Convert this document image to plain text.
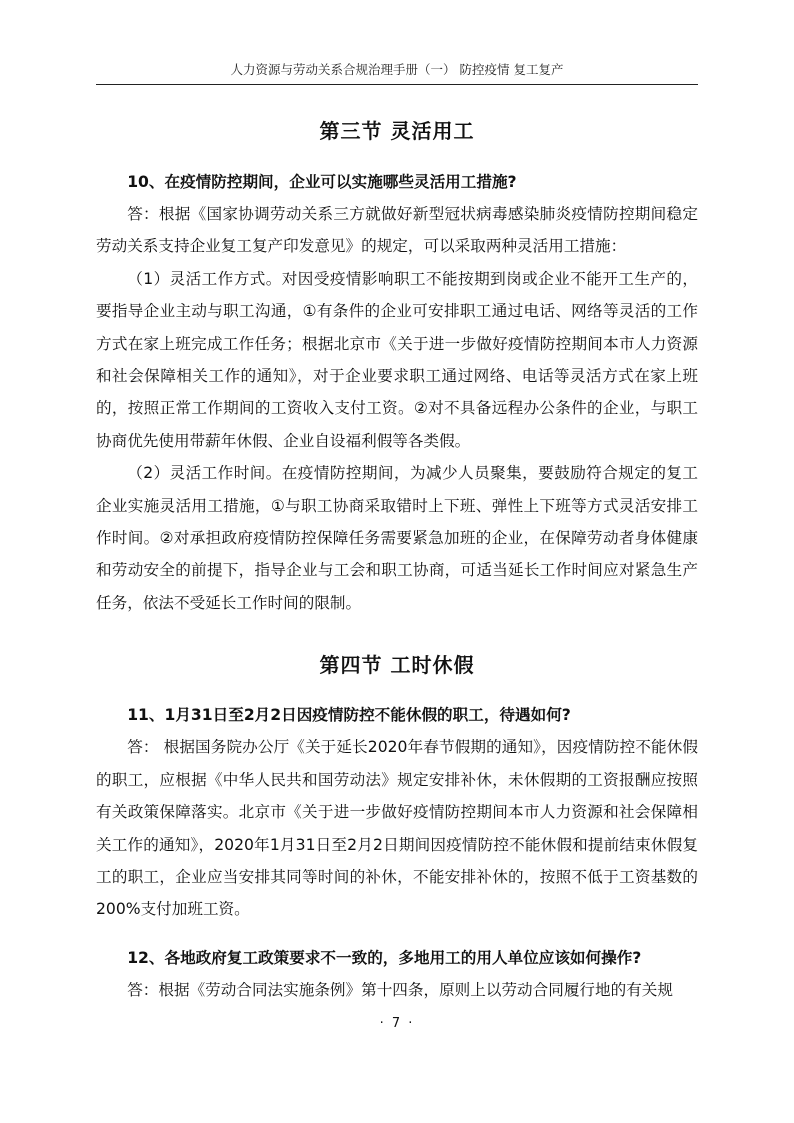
人力资源与劳动关系合规治理手册（一） 防控疫情 复工复产
第三节 灵活用工

10、在疫情防控期间，企业可以实施哪些灵活用工措施?

答：根据《国家协调劳动关系三方就做好新型冠状病毒感染肺炎疫情防控期间稳定劳动关系支持企业复工复产印发意见》的规定，可以采取两种灵活用工措施：

（1）灵活工作方式。对因受疫情影响职工不能按期到岗或企业不能开工生产的，要指导企业主动与职工沟通，①有条件的企业可安排职工通过电话、网络等灵活的工作方式在家上班完成工作任务；根据北京市《关于进一步做好疫情防控期间本市人力资源和社会保障相关工作的通知》，对于企业要求职工通过网络、电话等灵活方式在家上班的，按照正常工作期间的工资收入支付工资。②对不具备远程办公条件的企业，与职工协商优先使用带薪年休假、企业自设福利假等各类假。

（2）灵活工作时间。在疫情防控期间，为减少人员聚集，要鼓励符合规定的复工企业实施灵活用工措施，①与职工协商采取错时上下班、弹性上下班等方式灵活安排工作时间。②对承担政府疫情防控保障任务需要紧急加班的企业，在保障劳动者身体健康和劳动安全的前提下，指导企业与工会和职工协商，可适当延长工作时间应对紧急生产任务，依法不受延长工作时间的限制。

第四节 工时休假

11、1月31日至2月2日因疫情防控不能休假的职工，待遇如何?

答： 根据国务院办公厅《关于延长2020年春节假期的通知》，因疫情防控不能休假的职工，应根据《中华人民共和国劳动法》规定安排补休，未休假期的工资报酬应按照有关政策保障落实。北京市《关于进一步做好疫情防控期间本市人力资源和社会保障相关工作的通知》，2020年1月31日至2月2日期间因疫情防控不能休假和提前结束休假复工的职工，企业应当安排其同等时间的补休，不能安排补休的，按照不低于工资基数的200%支付加班工资。

12、各地政府复工政策要求不一致的，多地用工的用人单位应该如何操作?

答：根据《劳动合同法实施条例》第十四条，原则上以劳动合同履行地的有关规

· 7 ·
